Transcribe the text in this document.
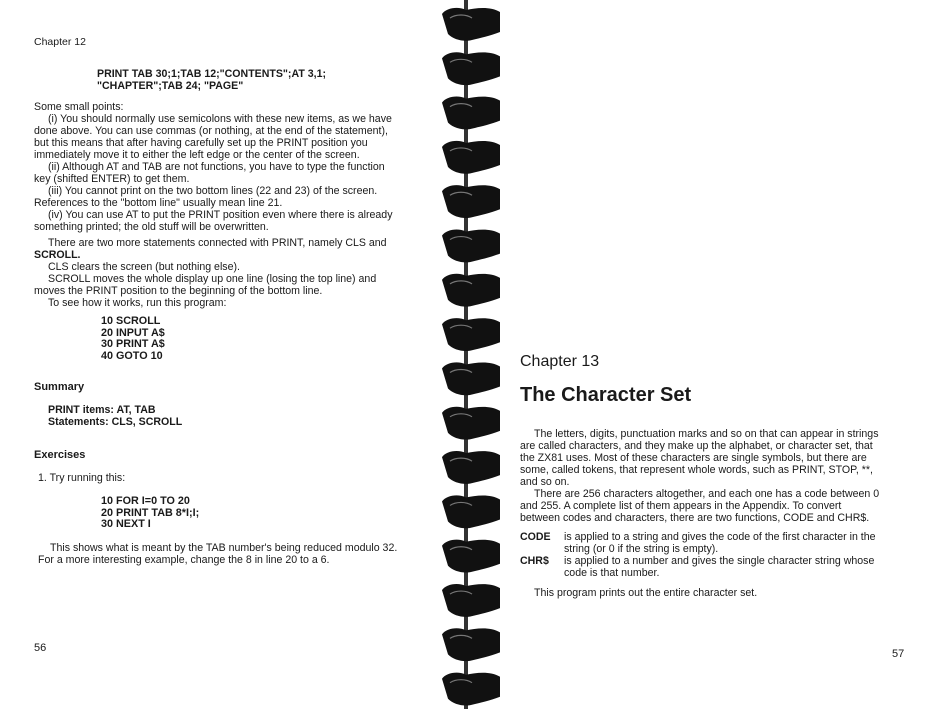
Chapter 12
PRINT TAB 30;1;TAB 12;"CONTENTS";AT 3,1;
"CHAPTER";TAB 24; "PAGE"
Some small points:

(i) You should normally use semicolons with these new items, as we have

done above. You can use commas (or nothing, at the end of the statement),

but this means that after having carefully set up the PRINT position you

immediately move it to either the left edge or the center of the screen.

(ii) Although AT and TAB are not functions, you have to type the function

key (shifted ENTER) to get them.

(iii) You cannot print on the two bottom lines (22 and 23) of the screen.

References to the "bottom line" usually mean line 21.

(iv) You can use AT to put the PRINT position even where there is already

something printed; the old stuff will be overwritten.

There are two more statements connected with PRINT, namely CLS and

SCROLL.

CLS clears the screen (but nothing else).

SCROLL moves the whole display up one line (losing the top line) and

moves the PRINT position to the beginning of the bottom line.

To see how it works, run this program:

10 SCROLL
20 INPUT A$
30 PRINT A$
40 GOTO 10
Summary
PRINT items: AT, TAB
Statements: CLS, SCROLL
Exercises
1. Try running this:
10 FOR I=0 TO 20
20 PRINT TAB 8*I;I;
30 NEXT I

This shows what is meant by the TAB number's being reduced modulo 32.

For a more interesting example, change the 8 in line 20 to a 6.

56
Chapter 13
The Character Set

The letters, digits, punctuation marks and so on that can appear in strings

are called characters, and they make up the alphabet, or character set, that

the ZX81 uses. Most of these characters are single symbols, but there are

some, called tokens, that represent whole words, such as PRINT, STOP, **,

and so on.

There are 256 characters altogether, and each one has a code between 0

and 255. A complete list of them appears in the Appendix. To convert

between codes and characters, there are two functions, CODE and CHR$.

CODE is applied to a string and gives the code of the first character in the
string (or 0 if the string is empty).
CHR$ is applied to a number and gives the single character string whose
code is that number.
This program prints out the entire character set.
57
